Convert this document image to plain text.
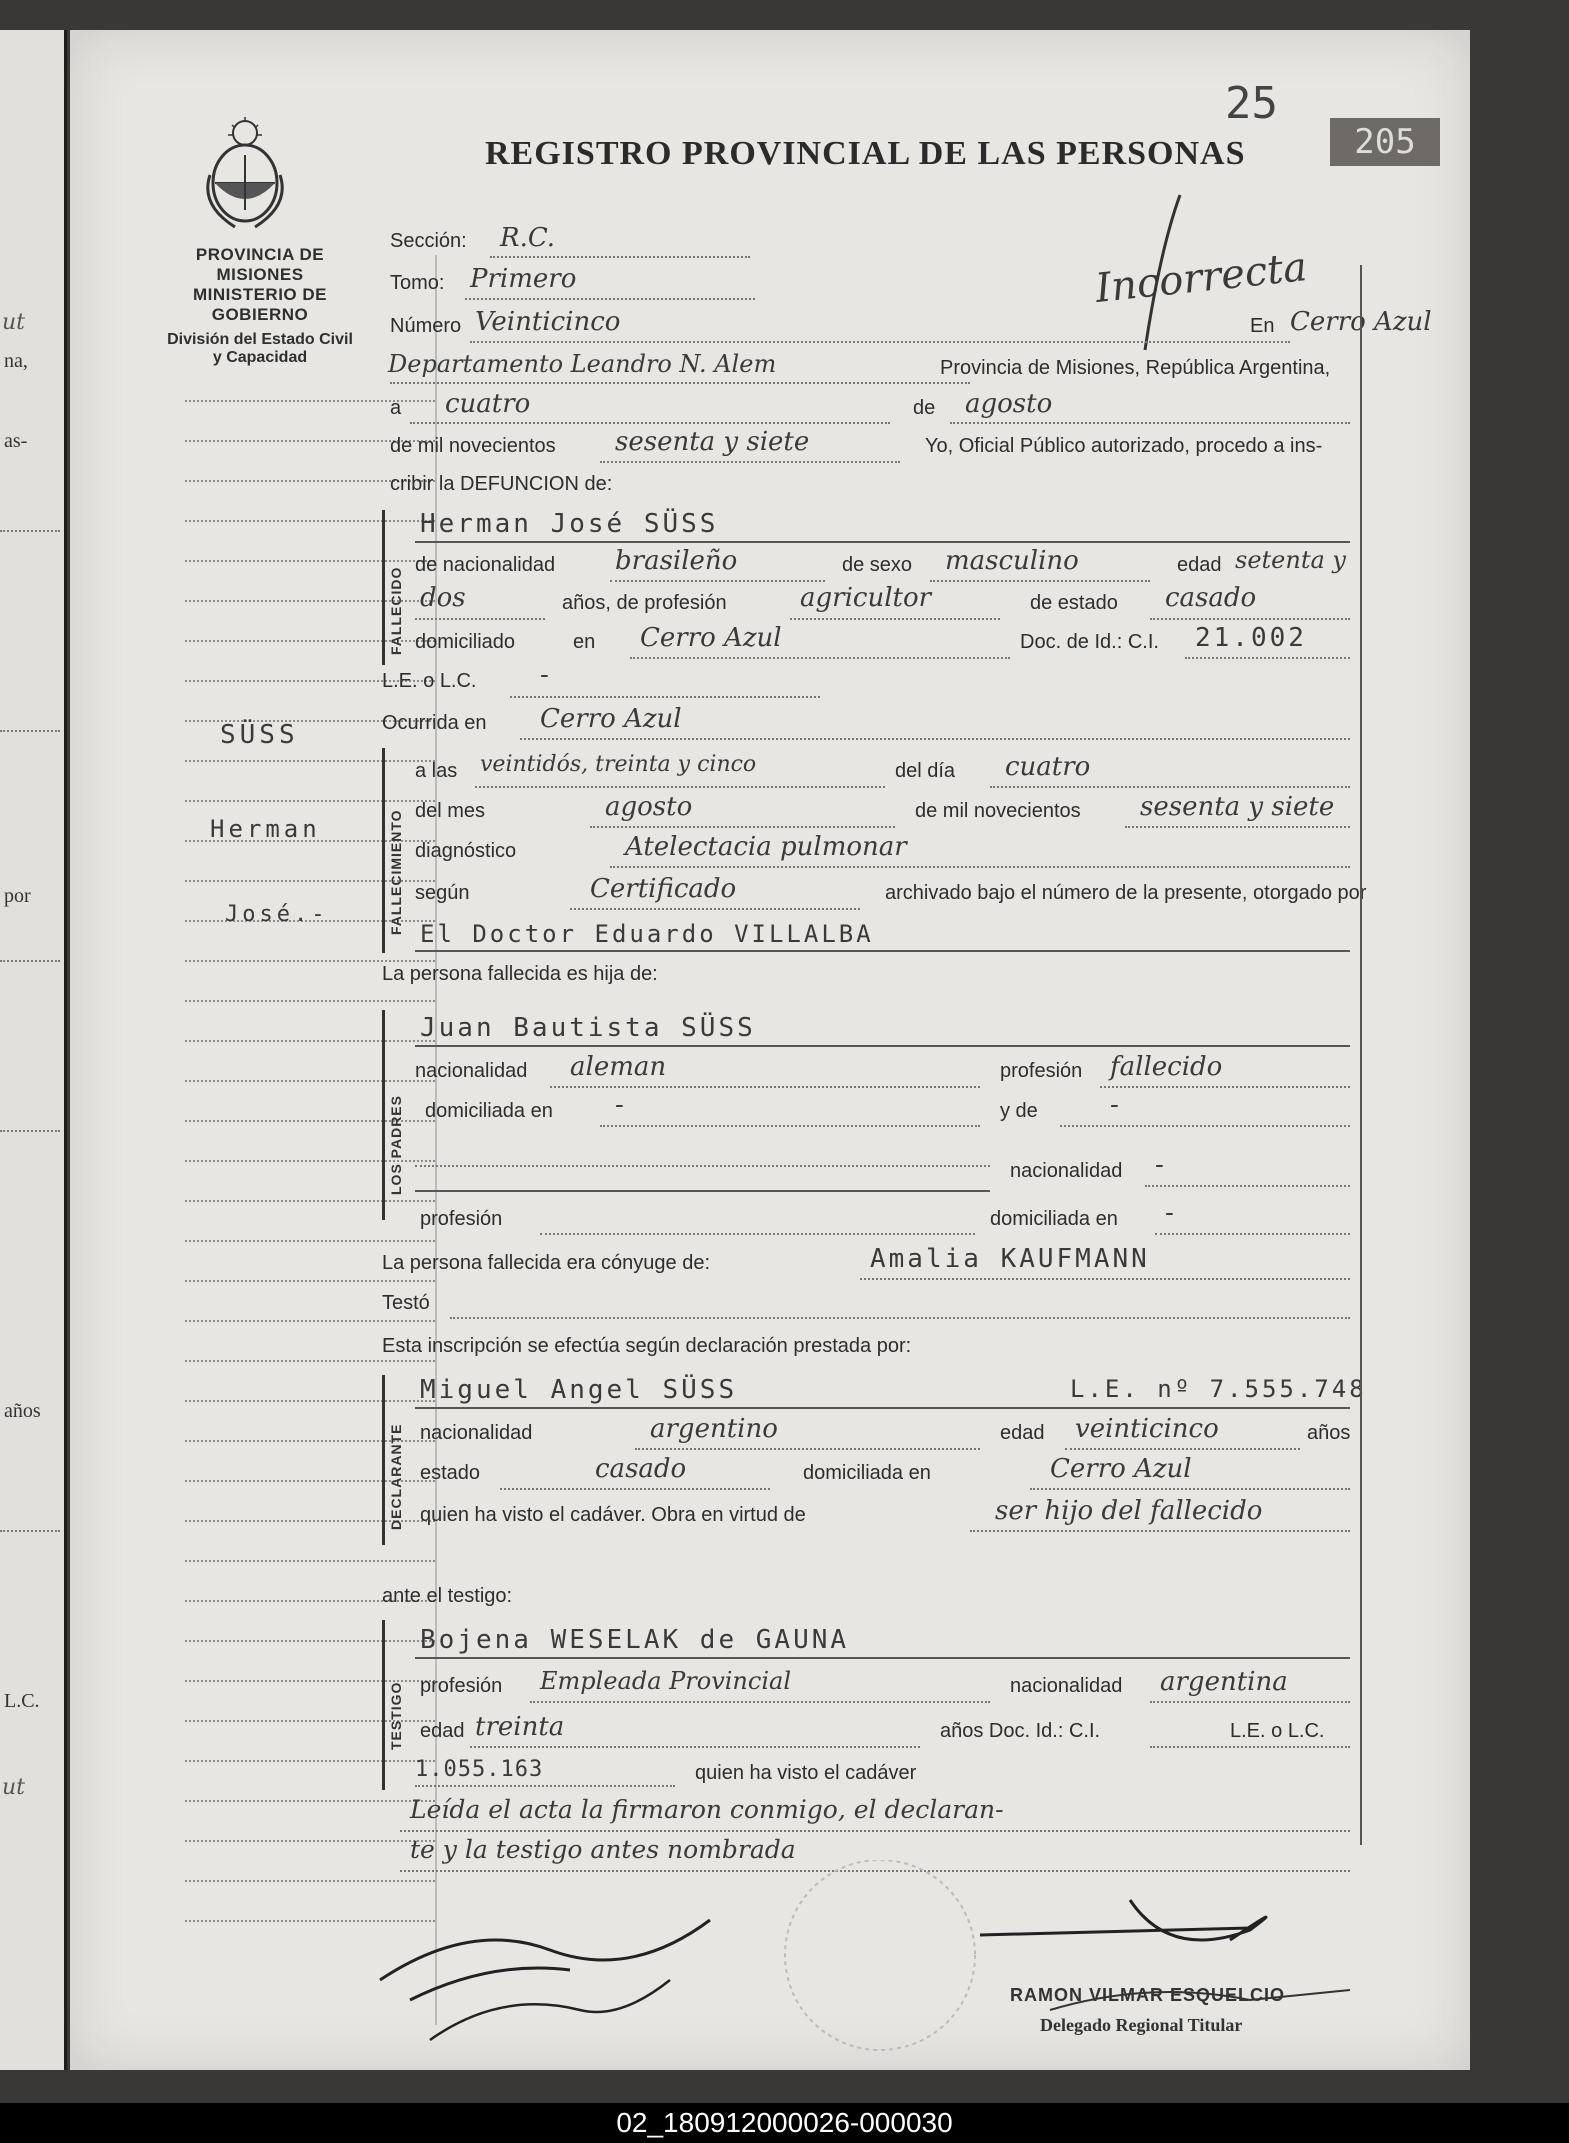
ut
na,
as-
por
años
L.C.
ut
25
205
REGISTRO PROVINCIAL DE LAS PERSONAS
PROVINCIA DE MISIONES
MINISTERIO DE GOBIERNO
División del Estado Civil
y Capacidad
SÜSS
Herman
José.-
Incorrecta
Sección: R.C.
Tomo: Primero
Número Veinticinco	En Cerro Azul
Departamento Leandro N. Alem	Provincia de Misiones, República Argentina,
a cuatro	de agosto
de mil novecientos sesenta y siete	Yo, Oficial Público autorizado, procedo a ins-
cribir la DEFUNCION de:
FALLECIDO
Herman José SÜSS
de nacionalidad brasileño	de sexo masculino	edad setenta y
dos	años, de profesión	agricultor	de estado casado
domiciliado	en Cerro Azul	Doc. de Id.: C.I. 21.002
L.E. o L.C. -
Ocurrida en Cerro Azul
FALLECIMIENTO
a las veintidós, treinta y cinco	del día cuatro
del mes	agosto	de mil novecientos sesenta y siete
diagnóstico	Atelectacia pulmonar
según	Certificado	archivado bajo el número de la presente, otorgado por
El Doctor Eduardo VILLALBA
La persona fallecida es hija de:
LOS PADRES
Juan Bautista SÜSS
nacionalidad aleman	profesión fallecido
domiciliada en -	y de	-
nacionalidad -
profesión	domiciliada en -
La persona fallecida era cónyuge de:	Amalia KAUFMANN
Testó
Esta inscripción se efectúa según declaración prestada por:
DECLARANTE
Miguel Angel SÜSS	L.E. nº 7.555.748
nacionalidad	argentino	edad veinticinco	años
estado	casado	domiciliada en	Cerro Azul
quien ha visto el cadáver. Obra en virtud de	ser hijo del fallecido
ante el testigo:
TESTIGO
Bojena WESELAK de GAUNA
profesión Empleada Provincial	nacionalidad argentina
edad treinta	años Doc. Id.: C.I.	L.E. o L.C.
1.055.163	quien ha visto el cadáver
Leída el acta la firmaron conmigo, el declaran-
te y la testigo antes nombrada
RAMON VILMAR ESQUELCIO
Delegado Regional Titular
02_180912000026-000030
